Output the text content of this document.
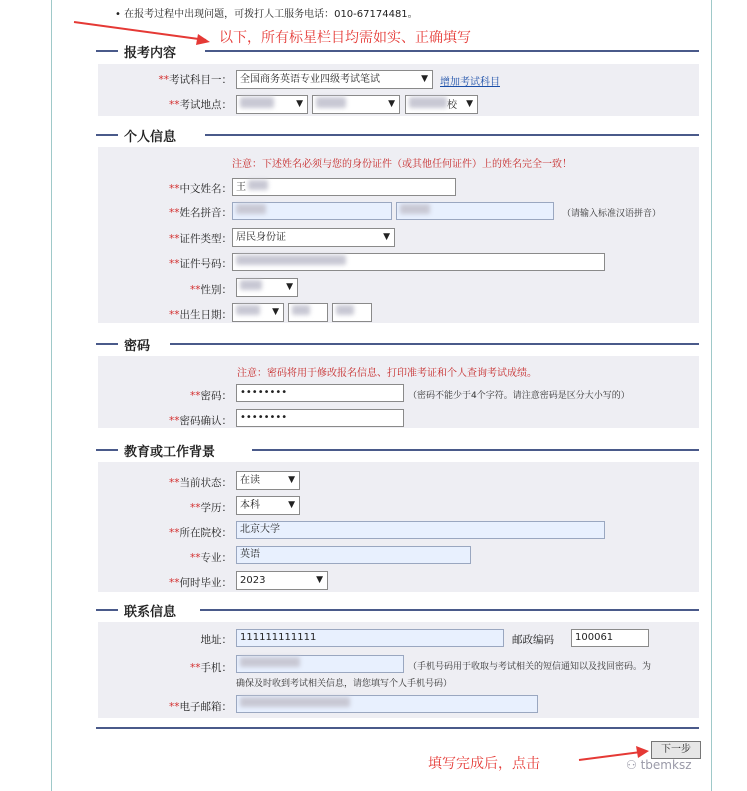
• 在报考过程中出现问题，可拨打人工服务电话：010-67174481。
以下，所有标星栏目均需如实、正确填写
报考内容
**考试科目一： 全国商务英语专业四级考试笔试	▼ 增加考试科目
**考试地点：	▼	▼	校 ▼
个人信息
注意：下述姓名必须与您的身份证件（或其他任何证件）上的姓名完全一致！
**中文姓名： 王
**姓名拼音：	（请输入标准汉语拼音）
**证件类型： 居民身份证	▼
**证件号码：
**性别：	▼
**出生日期：	▼
密码
注意：密码将用于修改报名信息、打印准考证和个人查询考试成绩。
**密码： ••••••••	（密码不能少于4个字符。请注意密码是区分大小写的）
**密码确认： ••••••••
教育或工作背景
**当前状态： 在读	▼
**学历： 本科	▼
**所在院校： 北京大学
**专业： 英语
**何时毕业： 2023	▼
联系信息
地址： 111111111111	邮政编码	100061
**手机：	（手机号码用于收取与考试相关的短信通知以及找回密码。为
确保及时收到考试相关信息，请您填写个人手机号码）
**电子邮箱：
填写完成后，点击
下一步
⚇ tbemksz
